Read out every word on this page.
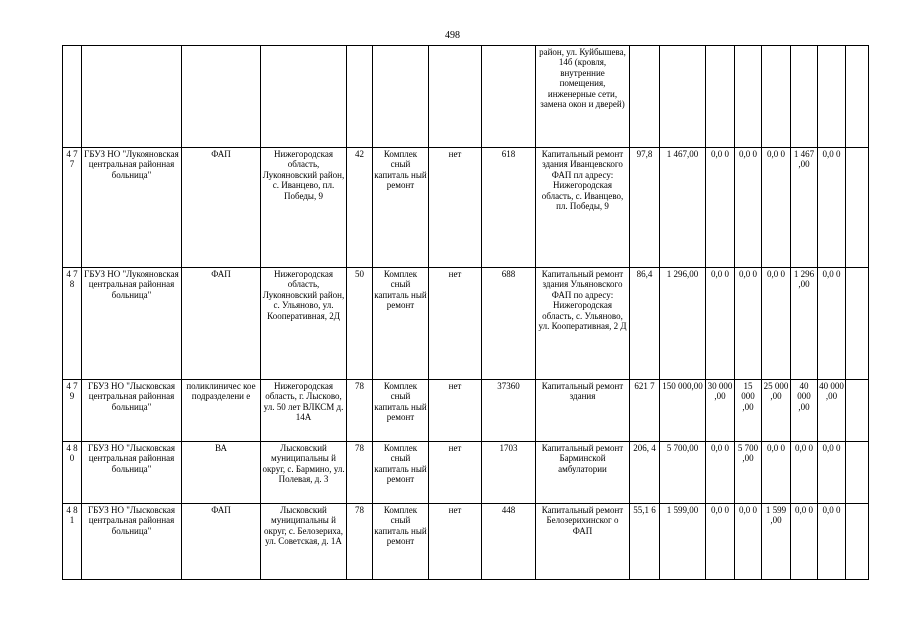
498
								район, ул. Куйбышева, 14б (кровля, внутренние помещения, инженерные сети, замена окон и дверей)								
4 7 7	ГБУЗ НО "Лукояновская центральная районная больница"	ФАП	Нижегородская область, Лукояновский район, с. Иванцево, пл. Победы, 9	42	Комплек сный капиталь ный ремонт	нет	618	Капитальный ремонт здания Иванцевского ФАП пл адресу: Нижегородская область, с. Иванцево, пл. Победы, 9	97,8	1 467,00	0,0 0	0,0 0	0,0 0	1 467 ,00	0,0 0	
4 7 8	ГБУЗ НО "Лукояновская центральная районная больница"	ФАП	Нижегородская область, Лукояновский район, с. Ульяново, ул. Кооперативная, 2Д	50	Комплек сный капиталь ный ремонт	нет	688	Капитальный ремонт здания Ульяновского ФАП по адресу: Нижегородская область, с. Ульяново, ул. Кооперативная, 2 Д	86,4	1 296,00	0,0 0	0,0 0	0,0 0	1 296 ,00	0,0 0	
4 7 9	ГБУЗ НО "Лысковская центральная районная больница"	поликлиничес кое подразделени е	Нижегородская область, г. Лысково, ул. 50 лет ВЛКСМ д. 14А	78	Комплек сный капиталь ный ремонт	нет	37360	Капитальный ремонт здания	621 7	150 000,00	30 000 ,00	15 000 ,00	25 000 ,00	40 000 ,00	40 000 ,00	
4 8 0	ГБУЗ НО "Лысковская центральная районная больница"	ВА	Лысковский муниципальны й округ, с. Бармино, ул. Полевая, д. 3	78	Комплек сный капиталь ный ремонт	нет	1703	Капитальный ремонт Барминской амбулатории	206, 4	5 700,00	0,0 0	5 700 ,00	0,0 0	0,0 0	0,0 0	
4 8 1	ГБУЗ НО "Лысковская центральная районная больница"	ФАП	Лысковский муниципальны й округ, с. Белозериха, ул. Советская, д. 1А	78	Комплек сный капиталь ный ремонт	нет	448	Капитальный ремонт Белозерихинског о ФАП	55,1 6	1 599,00	0,0 0	0,0 0	1 599 ,00	0,0 0	0,0 0	
